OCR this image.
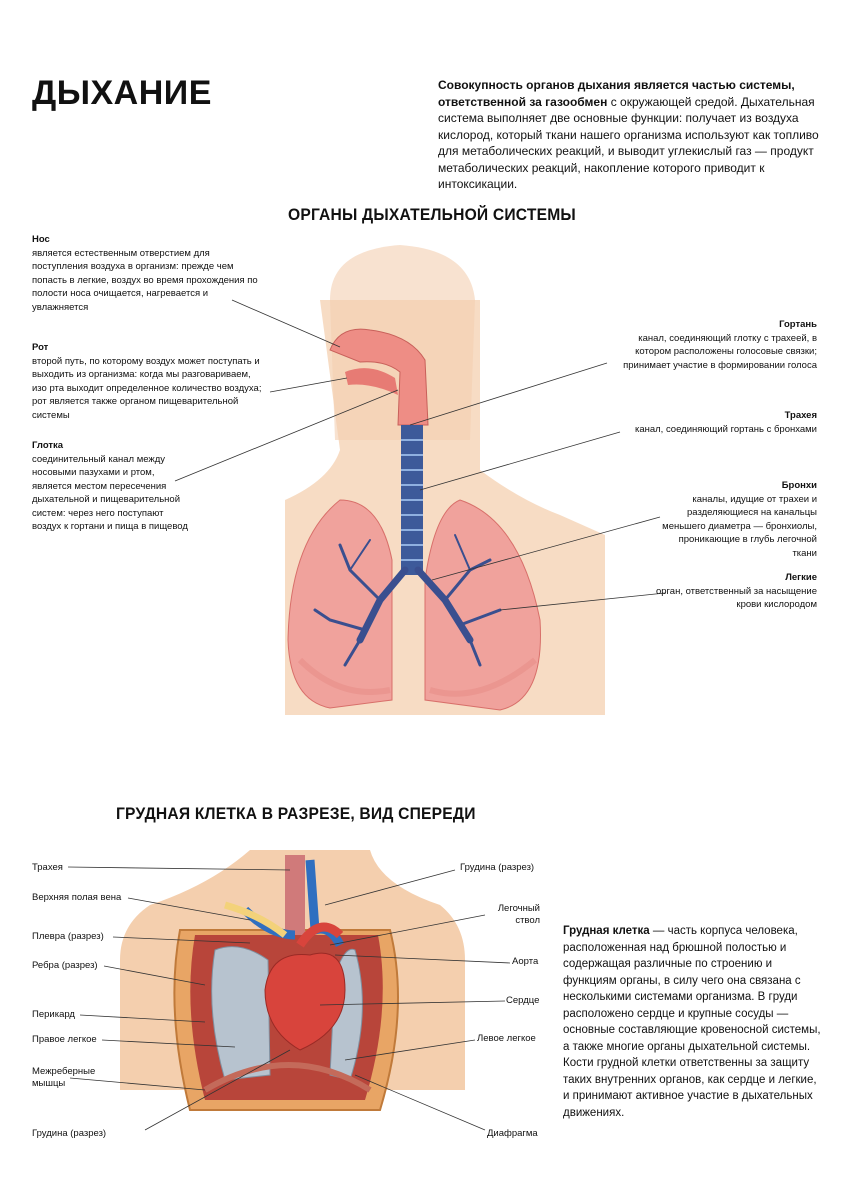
ДЫХАНИЕ	Совокупность органов дыхания является частью системы, ответственной за газообмен с окружающей средой. Дыхательная система выполняет две основные функции: получает из воздуха кислород, который ткани нашего организма используют как топливо для метаболических реакций, и выводит углекислый газ — продукт метаболических реакций, накопление которого приводит к интоксикации.
ОРГАНЫ ДЫХАТЕЛЬНОЙ СИСТЕМЫ
Нос
является естественным отверстием для поступления воздуха в организм: прежде чем попасть в легкие, воздух во время прохождения по полости носа очищается, нагревается и увлажняется
Рот
второй путь, по которому воздух может поступать и выходить из организма: когда мы разговариваем, изо рта выходит определенное количество воздуха; рот является также органом пищеварительной системы
Глотка
соединительный канал между носовыми пазухами и ртом, является местом пересечения дыхательной и пищеварительной систем: через него поступают воздух к гортани и пища в пищевод
Гортань
канал, соединяющий глотку с трахеей, в котором расположены голосовые связки; принимает участие в формировании голоса
Трахея
канал, соединяющий гортань с бронхами
Бронхи
каналы, идущие от трахеи и разделяющиеся на канальцы меньшего диаметра — бронхиолы, проникающие в глубь легочной ткани
Легкие
орган, ответственный за насыщение крови кислородом
ГРУДНАЯ КЛЕТКА В РАЗРЕЗЕ, ВИД СПЕРЕДИ
Трахея
Верхняя полая вена
Плевра (разрез)
Ребра (разрез)
Перикард
Правое легкое
Межреберные мышцы
Грудина (разрез)
Грудина (разрез)
Легочный ствол
Аорта
Сердце
Левое легкое
Диафрагма
Грудная клетка — часть корпуса человека, расположенная над брюшной полостью и содержащая различные по строению и функциям органы, в силу чего она связана с несколькими системами организма. В груди расположено сердце и крупные сосуды — основные составляющие кровеносной системы, а также многие органы дыхательной системы. Кости грудной клетки ответственны за защиту таких внутренних органов, как сердце и легкие, и принимают активное участие в дыхательных движениях.
